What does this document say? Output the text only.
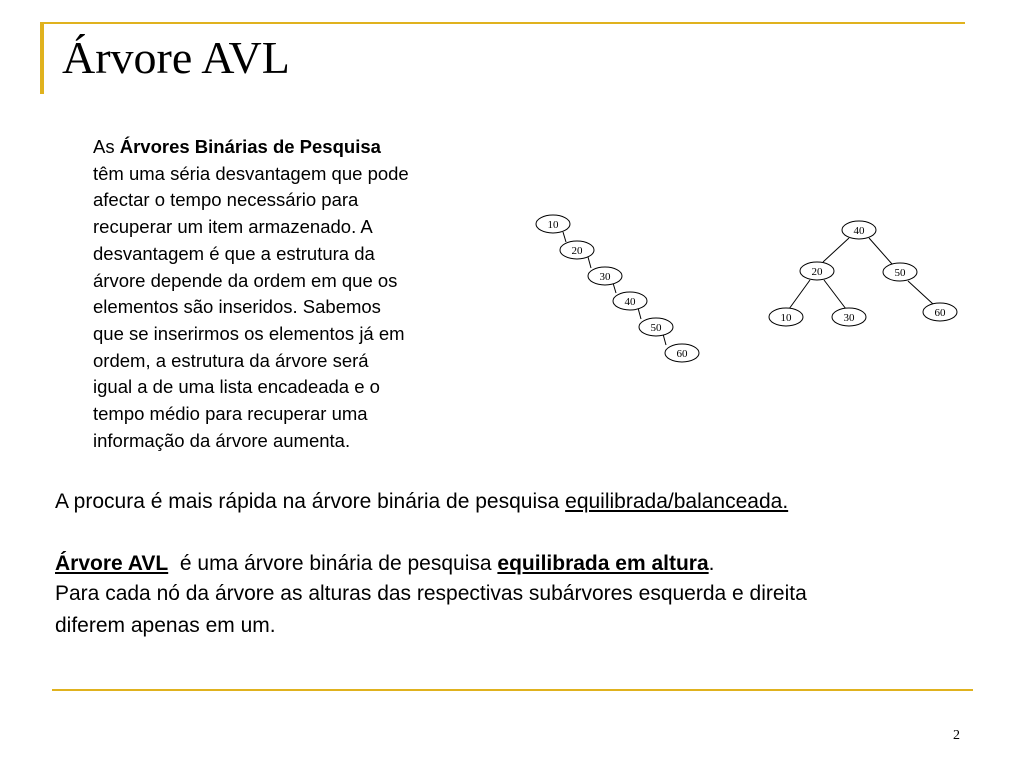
Árvore AVL
As Árvores Binárias de Pesquisa
têm uma séria desvantagem que pode
afectar o tempo necessário para
recuperar um item armazenado. A
desvantagem é que a estrutura da
árvore depende da ordem em que os
elementos são inseridos. Sabemos
que se inserirmos os elementos já em
ordem, a estrutura da árvore será
igual a de uma lista encadeada e o
tempo médio para recuperar uma
informação da árvore aumenta.
10
20
30
40
50
60
40
20	50
10	30	60
A procura é mais rápida na árvore binária de pesquisa equilibrada/balanceada.
Árvore AVL  é uma árvore binária de pesquisa equilibrada em altura.
Para cada nó da árvore as alturas das respectivas subárvores esquerda e direita
diferem apenas em um.
2
